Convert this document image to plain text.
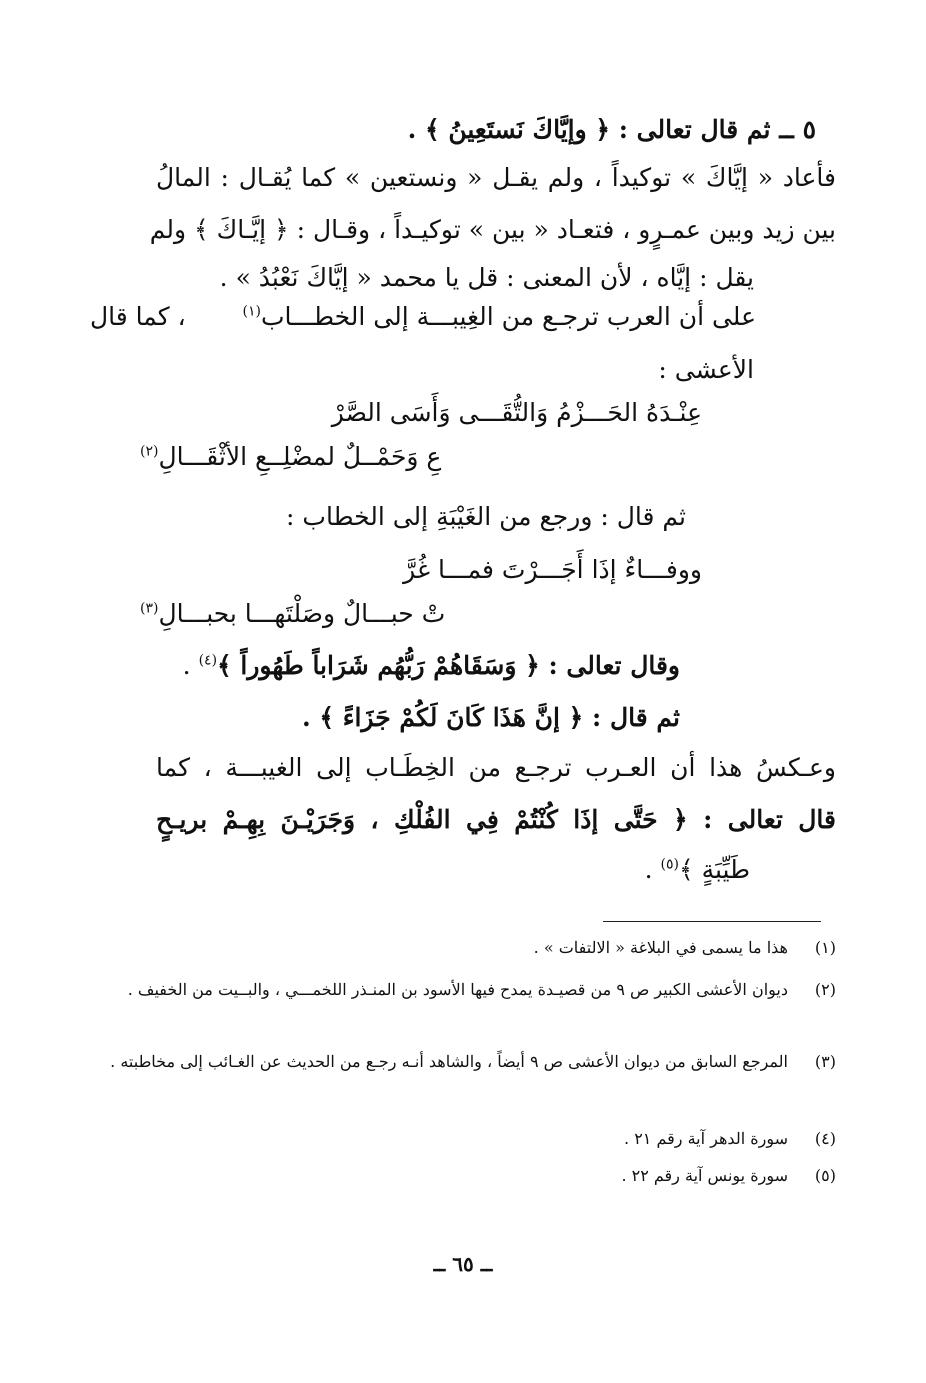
٥ ــ ثم قال تعالى : ﴿ وإيَّاكَ نَستَعِينُ ﴾ .
فأعاد « إيَّاكَ » توكيداً ، ولم يقـل « ونستعين » كما يُقـال : المالُ
بين زيد وبين عمـرٍو ، فتعـاد « بين » توكيـداً ، وقـال : ﴿ إيَّـاكَ ﴾ ولم
يقل : إيَّاه ، لأن المعنى : قل يا محمد « إيَّاكَ نَعْبُدُ » .
على أن العرب ترجـع من الغِيبـــة إلى الخطـــاب$^{(١)}$
، كما قال
الأعشى :
عِنْـدَهُ الحَـــزْمُ وَالتُّقَـــى وَأَسَى الصَّرْ
عِ وَحَمْــلٌ لمضْلِــعِ الأثْقَـــالِ$^{(٢)}$
ثم قال : ورجع من الغَيْبَةِ إلى الخطاب :
ووفـــاءٌ إذَا أَجَـــرْتَ فمـــا غُرَّ
تْ حبـــالٌ وصَلْتَهـــا بحبـــالِ$^{(٣)}$
وقال تعالى : ﴿ وَسَقَاهُمْ رَبُّهُم شَرَاباً طَهُوراً ﴾$^{(٤)}$ .
ثم قال : ﴿ إنَّ هَذَا كَانَ لَكُمْ جَزَاءً ﴾ .
وعـكسُ هذا أن العـرب ترجـع من الخِطَـاب إلى الغيبـــة ، كما
قال تعالى : ﴿ حَتَّى إذَا كُنْتُمْ فِي الفُلْكِ ، وَجَرَيْـنَ بِهِـمْ بريـحٍ
طَيِّبَةٍ ﴾$^{(٥)}$ .
(١)
هذا ما يسمى في البلاغة « الالتفات » .
(٢)
ديوان الأعشى الكبير ص ٩ من قصيـدة يمدح فيها الأسود بن المنـذر اللخمـــي ، والبــيت من الخفيف .
(٣)
المرجع السابق من ديوان الأعشى ص ٩ أيضاً ، والشاهد أنـه رجـع من الحديث عن الغـائب إلى مخاطبته .
(٤)
سورة الدهر آية رقم ٢١ .
(٥)
سورة يونس آية رقم ٢٢ .
ــ ٦٥ ــ
